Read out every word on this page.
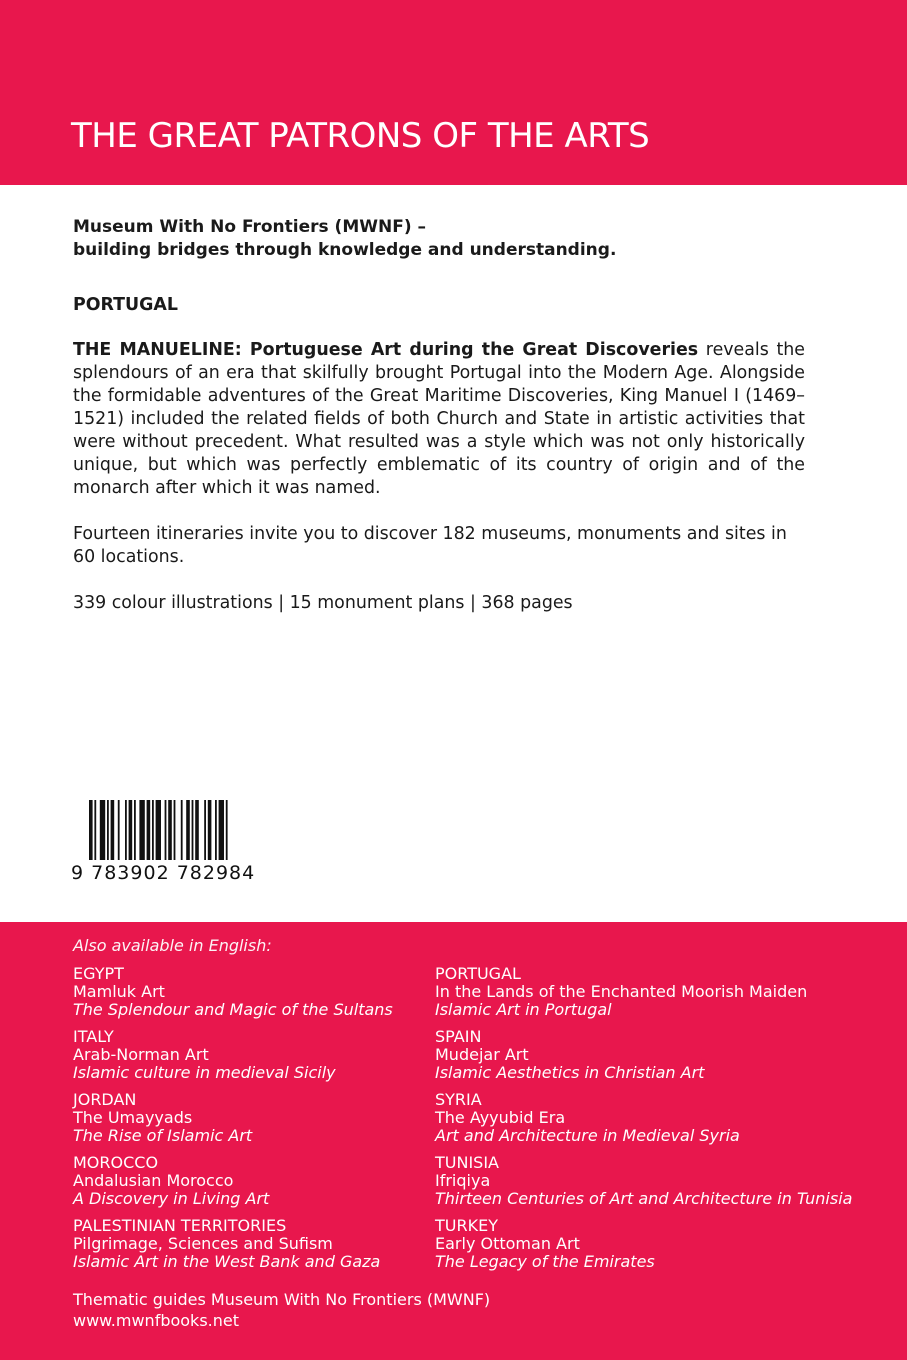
THE GREAT PATRONS OF THE ARTS

Museum With No Frontiers (MWNF) –
building bridges through knowledge and understanding.

PORTUGAL

THE MANUELINE: Portuguese Art during the Great Discoveries reveals the splendours of an era that skilfully brought Portugal into the Modern Age. Alongside the formidable adventures of the Great Maritime Discoveries, King Manuel I (1469–1521) included the related fields of both Church and State in artistic activities that were without precedent. What resulted was a style which was not only historically unique, but which was perfectly emblematic of its country of origin and of the monarch after which it was named.

Fourteen itineraries invite you to discover 182 museums, monuments and sites in 60 locations.

339 colour illustrations | 15 monument plans | 368 pages

9 783902 782984

Also available in English:

EGYPT
Mamluk Art
The Splendour and Magic of the Sultans
ITALY
Arab-Norman Art
Islamic culture in medieval Sicily
JORDAN
The Umayyads
The Rise of Islamic Art
MOROCCO
Andalusian Morocco
A Discovery in Living Art
PALESTINIAN TERRITORIES
Pilgrimage, Sciences and Sufism
Islamic Art in the West Bank and Gaza
PORTUGAL
In the Lands of the Enchanted Moorish Maiden
Islamic Art in Portugal
SPAIN
Mudejar Art
Islamic Aesthetics in Christian Art
SYRIA
The Ayyubid Era
Art and Architecture in Medieval Syria
TUNISIA
Ifriqiya
Thirteen Centuries of Art and Architecture in Tunisia
TURKEY
Early Ottoman Art
The Legacy of the Emirates
Thematic guides Museum With No Frontiers (MWNF)
www.mwnfbooks.net
